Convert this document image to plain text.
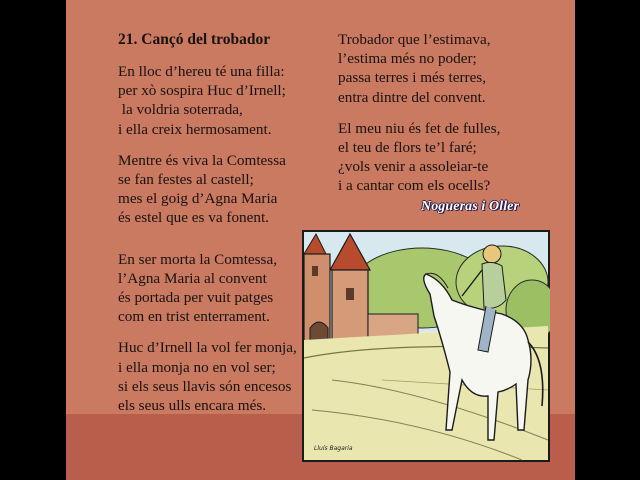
21. Cançó del trobador
En lloc d’hereu té una filla:
per xò sospira Huc d’Irnell;
la voldria soterrada,
i ella creix hermosament.
Mentre és viva la Comtessa
se fan festes al castell;
mes el goig d’Agna Maria
és estel que es va fonent.
En ser morta la Comtessa,
l’Agna Maria al convent
és portada per vuit patges
com en trist enterrament.
Huc d’Irnell la vol fer monja,
i ella monja no en vol ser;
si els seus llavis són encesos
els seus ulls encara més.
Trobador que l’estimava,
l’estima més no poder;
passa terres i més terres,
entra dintre del convent.
El meu niu és fet de fulles,
el teu de flors te’l faré;
¿vols venir a assoleiar-te
i a cantar com els ocells?
Nogueras i Oller
Lluís Bagaria
